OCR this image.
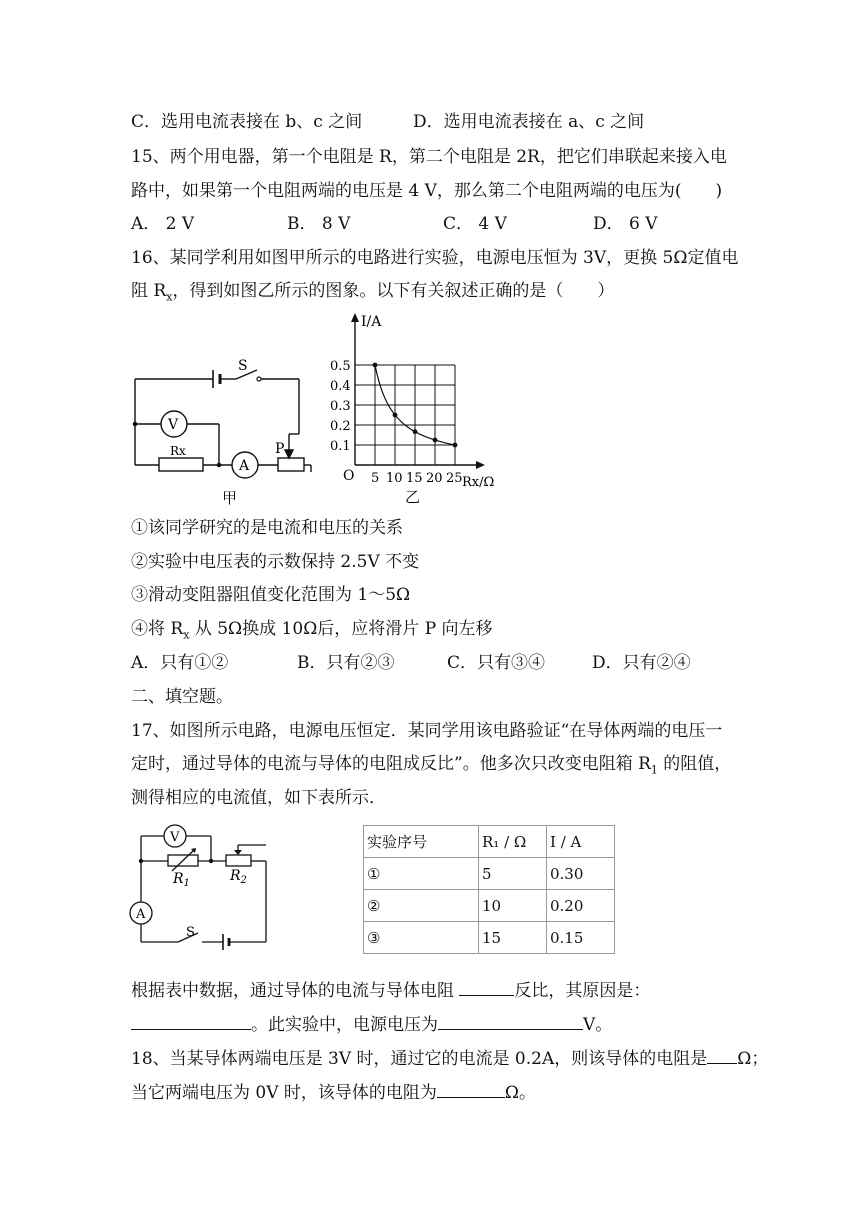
C．选用电流表接在 b、c 之间	D．选用电流表接在 a、c 之间
15、两个用电器，第一个电阻是 R，第二个电阻是 2R，把它们串联起来接入电
路中，如果第一个电阻两端的电压是 4 V，那么第二个电阻两端的电压为(　　)
A． 2 V	B． 8 V	C． 4 V	D． 6 V
16、某同学利用如图甲所示的电路进行实验，电源电压恒为 3V，更换 5Ω定值电
阻 $R_x$，得到如图乙所示的图象。以下有关叙述正确的是（　　）
S
V
A
Rx	P
甲
0.5
0.4
0.3
0.2
0.1
5 10 15 20 25
I/A
Rx/Ω
O
乙
①该同学研究的是电流和电压的关系
②实验中电压表的示数保持 2.5V 不变
③滑动变阻器阻值变化范围为 1～5Ω
④将 $R_x$ 从 5Ω换成 10Ω后，应将滑片 P 向左移
A．只有①②	B．只有②③	C．只有③④	D．只有②④
二、填空题。
17、如图所示电路，电源电压恒定．某同学用该电路验证“在导体两端的电压一
定时，通过导体的电流与导体的电阻成反比”。他多次只改变电阻箱 $R_1$ 的阻值，
测得相应的电流值，如下表所示．
V
A
$R_1$	$R_2$
S
实验序号	R₁ / Ω	I / A
①	5	0.30
②	10	0.20
③	15	0.15
根据表中数据，通过导体的电流与导体电阻	反比，其原因是：
。此实验中，电源电压为	V。
18、当某导体两端电压是 3V 时，通过它的电流是 0.2A，则该导体的电阻是 Ω；
当它两端电压为 0V 时，该导体的电阻为	Ω。
